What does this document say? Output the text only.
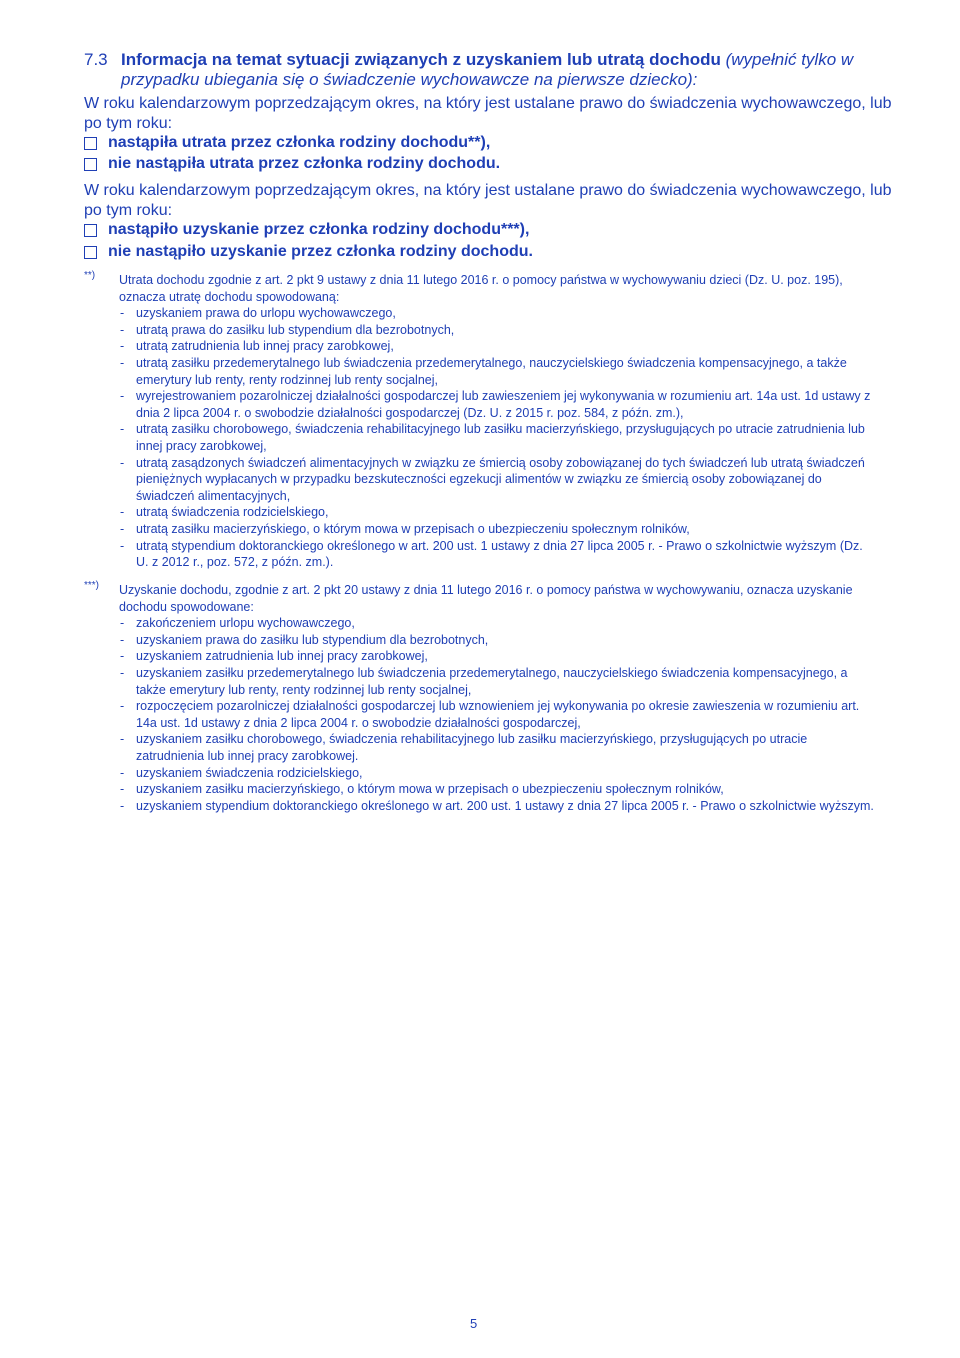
7.3 Informacja na temat sytuacji związanych z uzyskaniem lub utratą dochodu (wypełnić tylko w przypadku ubiegania się o świadczenie wychowawcze na pierwsze dziecko):
W roku kalendarzowym poprzedzającym okres, na który jest ustalane prawo do świadczenia wychowawczego, lub po tym roku:
nastąpiła utrata przez członka rodziny dochodu**),
nie nastąpiła utrata przez członka rodziny dochodu.
W roku kalendarzowym poprzedzającym okres, na który jest ustalane prawo do świadczenia wychowawczego, lub po tym roku:
nastąpiło uzyskanie przez członka rodziny dochodu***),
nie nastąpiło uzyskanie przez członka rodziny dochodu.
**)	Utrata dochodu zgodnie z art. 2 pkt 9 ustawy z dnia 11 lutego 2016 r. o pomocy państwa w wychowywaniu dzieci (Dz. U. poz. 195), oznacza utratę dochodu spowodowaną:
- uzyskaniem prawa do urlopu wychowawczego,
- utratą prawa do zasiłku lub stypendium dla bezrobotnych,
- utratą zatrudnienia lub innej pracy zarobkowej,
- utratą zasiłku przedemerytalnego lub świadczenia przedemerytalnego, nauczycielskiego świadczenia kompensacyjnego, a także emerytury lub renty, renty rodzinnej lub renty socjalnej,
- wyrejestrowaniem pozarolniczej działalności gospodarczej lub zawieszeniem jej wykonywania w rozumieniu art. 14a ust. 1d ustawy z dnia 2 lipca 2004 r. o swobodzie działalności gospodarczej (Dz. U. z 2015 r. poz. 584, z późn. zm.),
- utratą zasiłku chorobowego, świadczenia rehabilitacyjnego lub zasiłku macierzyńskiego, przysługujących po utracie zatrudnienia lub innej pracy zarobkowej,
- utratą zasądzonych świadczeń alimentacyjnych w związku ze śmiercią osoby zobowiązanej do tych świadczeń lub utratą świadczeń pieniężnych wypłacanych w przypadku bezskuteczności egzekucji alimentów w związku ze śmiercią osoby zobowiązanej do świadczeń alimentacyjnych,
- utratą świadczenia rodzicielskiego,
- utratą zasiłku macierzyńskiego, o którym mowa w przepisach o ubezpieczeniu społecznym rolników,
- utratą stypendium doktoranckiego określonego w art. 200 ust. 1 ustawy z dnia 27 lipca 2005 r. - Prawo o szkolnictwie wyższym (Dz. U. z 2012 r., poz. 572, z późn. zm.).
***)	Uzyskanie dochodu, zgodnie z art. 2 pkt 20 ustawy z dnia 11 lutego 2016 r. o pomocy państwa w wychowywaniu, oznacza uzyskanie dochodu spowodowane:
- zakończeniem urlopu wychowawczego,
- uzyskaniem prawa do zasiłku lub stypendium dla bezrobotnych,
- uzyskaniem zatrudnienia lub innej pracy zarobkowej,
- uzyskaniem zasiłku przedemerytalnego lub świadczenia przedemerytalnego, nauczycielskiego świadczenia kompensacyjnego, a także emerytury lub renty, renty rodzinnej lub renty socjalnej,
- rozpoczęciem pozarolniczej działalności gospodarczej lub wznowieniem jej wykonywania po okresie zawieszenia w rozumieniu art. 14a ust. 1d ustawy z dnia 2 lipca 2004 r. o swobodzie działalności gospodarczej,
- uzyskaniem zasiłku chorobowego, świadczenia rehabilitacyjnego lub zasiłku macierzyńskiego, przysługujących po utracie zatrudnienia lub innej pracy zarobkowej.
- uzyskaniem świadczenia rodzicielskiego,
- uzyskaniem zasiłku macierzyńskiego, o którym mowa w przepisach o ubezpieczeniu społecznym rolników,
- uzyskaniem stypendium doktoranckiego określonego w art. 200 ust. 1 ustawy z dnia 27 lipca 2005 r. - Prawo o szkolnictwie wyższym.
5
